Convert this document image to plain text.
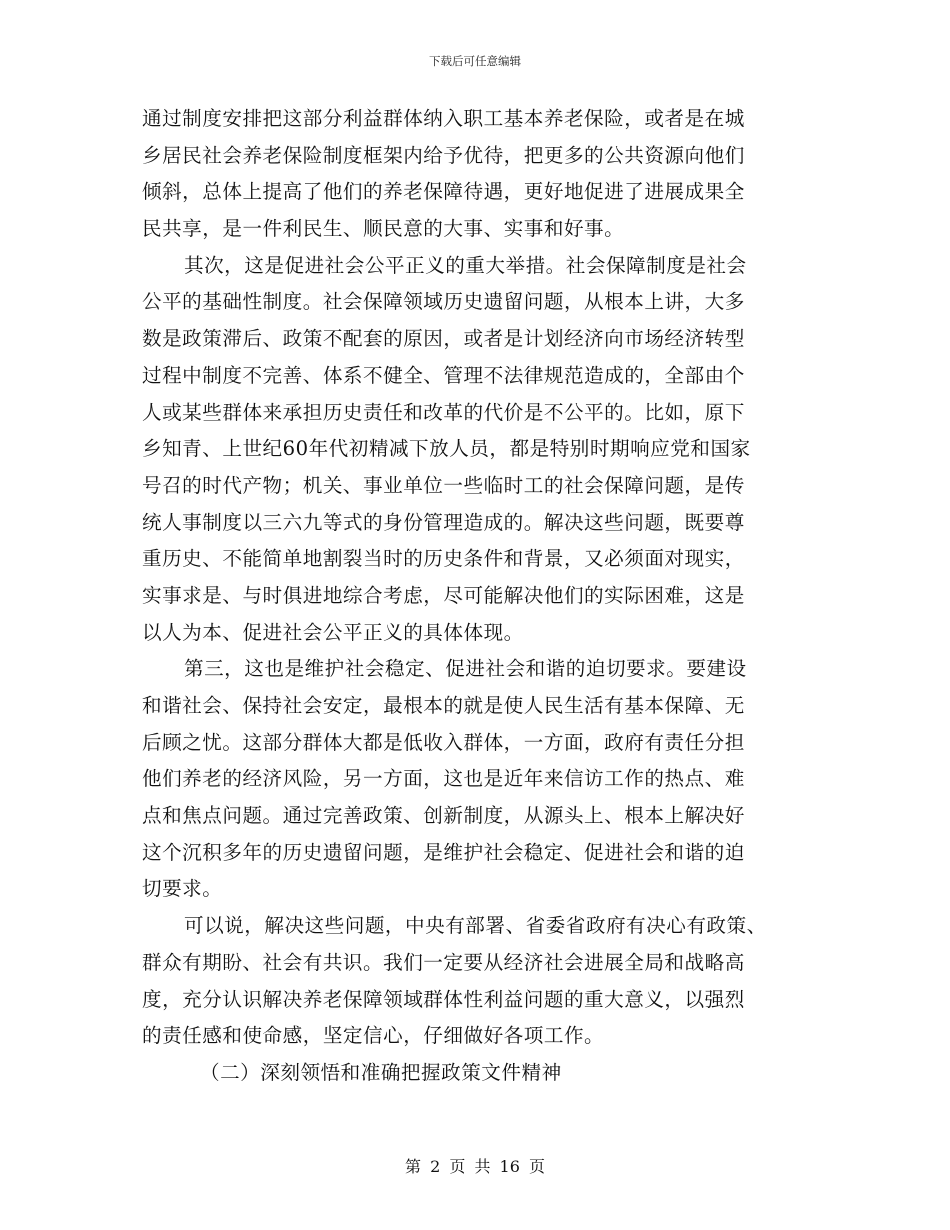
下载后可任意编辑
通过制度安排把这部分利益群体纳入职工基本养老保险，或者是在城
乡居民社会养老保险制度框架内给予优待，把更多的公共资源向他们
倾斜，总体上提高了他们的养老保障待遇，更好地促进了进展成果全
民共享，是一件利民生、顺民意的大事、实事和好事。
其次，这是促进社会公平正义的重大举措。社会保障制度是社会
公平的基础性制度。社会保障领域历史遗留问题，从根本上讲，大多
数是政策滞后、政策不配套的原因，或者是计划经济向市场经济转型
过程中制度不完善、体系不健全、管理不法律规范造成的，全部由个
人或某些群体来承担历史责任和改革的代价是不公平的。比如，原下
乡知青、上世纪60年代初精减下放人员，都是特别时期响应党和国家
号召的时代产物；机关、事业单位一些临时工的社会保障问题，是传
统人事制度以三六九等式的身份管理造成的。解决这些问题，既要尊
重历史、不能简单地割裂当时的历史条件和背景，又必须面对现实，
实事求是、与时俱进地综合考虑，尽可能解决他们的实际困难，这是
以人为本、促进社会公平正义的具体体现。
第三，这也是维护社会稳定、促进社会和谐的迫切要求。要建设
和谐社会、保持社会安定，最根本的就是使人民生活有基本保障、无
后顾之忧。这部分群体大都是低收入群体，一方面，政府有责任分担
他们养老的经济风险，另一方面，这也是近年来信访工作的热点、难
点和焦点问题。通过完善政策、创新制度，从源头上、根本上解决好
这个沉积多年的历史遗留问题，是维护社会稳定、促进社会和谐的迫
切要求。
可以说，解决这些问题，中央有部署、省委省政府有决心有政策、
群众有期盼、社会有共识。我们一定要从经济社会进展全局和战略高
度，充分认识解决养老保障领域群体性利益问题的重大意义，以强烈
的责任感和使命感，坚定信心，仔细做好各项工作。
（二）深刻领悟和准确把握政策文件精神
第 2 页 共 16 页
